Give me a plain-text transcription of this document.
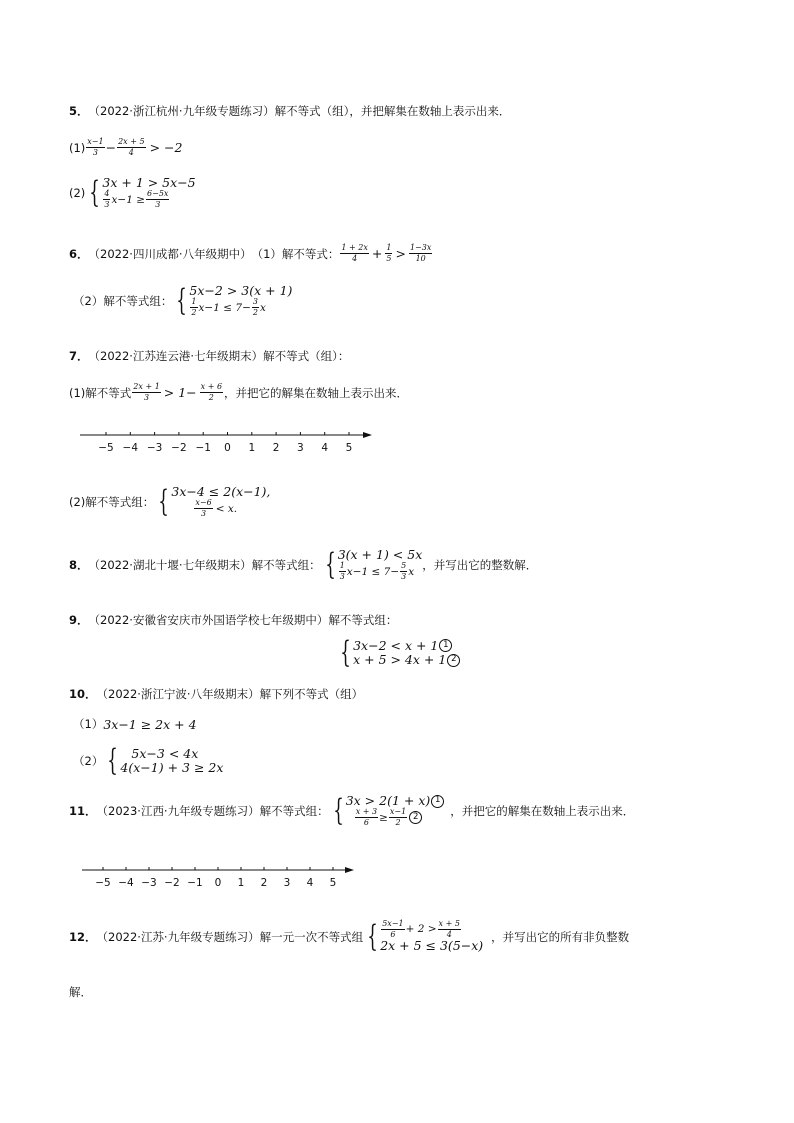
5． （2022·浙江杭州·九年级专题练习） 解不等式（组），并把解集在数轴上表示出来．
$(1) \frac{x-1}{3} - \frac{2x + 5}{4} > -2$
(2) { 3x + 1 > 5x−5
$\frac{4}{3} x-1 \ge \frac{6-5x}{3}$
6． （2022·四川成都·八年级期中） （1）解不等式： $\frac{1 + 2x}{4} + \frac{1}{5} > \frac{1-3x}{10}$
（2）解不等式组： { 5x−2 > 3(x + 1)
$\frac{1}{2} x-1 \le 7- \frac{3}{2}$ x
7． （2022·江苏连云港·七年级期末） 解不等式（组）：
(1)解不等式 $\frac{2x + 1}{3} > 1- \frac{x + 6}{2}$ ，并把它的解集在数轴上表示出来．
−5 −4 −3 −2 −1 0 1 2 3 4 5
(2)解不等式组： { 3x−4 ≤ 2(x−1),
$\frac{x-6}{3} < x$.
8． （2022·湖北十堰·七年级期末） 解不等式组： { 3(x + 1) < 5x
$\frac{1}{3} x-1 \le 7- \frac{5}{3}$ x
，并写出它的整数解．
9． （2022·安徽省安庆市外国语学校七年级期中） 解不等式组：
{ 3x−2 < x + 1 1
x + 5 > 4x + 1 2
10． （2022·浙江宁波·八年级期末） 解下列不等式（组）
（1） 3x−1 ≥ 2x + 4
（2） {	5x−3 < 4x
4(x−1) + 3 ≥ 2x
11． （2023·江西·九年级专题练习） 解不等式组： { 3x > 2(1 + x) 1
$\frac{x + 3}{6} \ge \frac{x-1}{2} 2$	，并把它的解集在数轴上表示出来．
−5 −4 −3 −2 −1 0 1 2 3 4 5
12． （2022·江苏·九年级专题练习） 解一元一次不等式组 { $\frac{5x-1}{6} + 2 > \frac{x + 5}{4}$
2x + 5 ≤ 3(5−x)
，并写出它的所有非负整数
解．
